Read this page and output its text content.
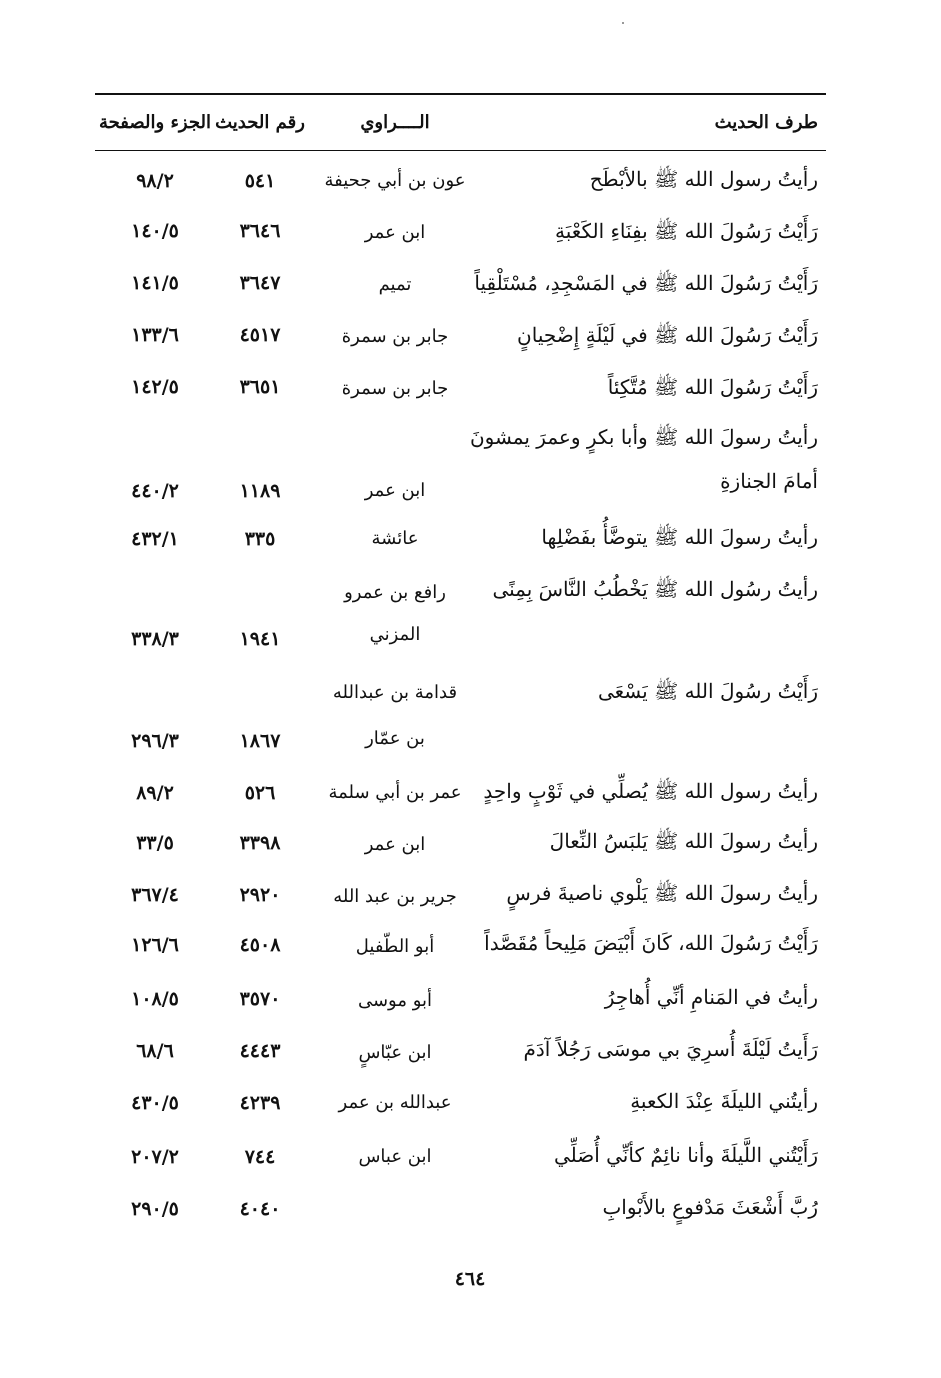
طرف الحديث
الــــراوي
رقم الحديث
الجزء والصفحة
رأيتُ رسول الله ﷺ بالأبْطَح
عون بن أبي جحيفة
٥٤١
٩٨/٢
رَأَيْتُ رَسُولَ الله ﷺ بفِنَاءِ الكَعْبَةِ
ابن عمر
٣٦٤٦
١٤٠/٥
رَأَيْتُ رَسُولَ الله ﷺ في المَسْجِدِ، مُسْتَلْقِياً
تميم
٣٦٤٧
١٤١/٥
رَأَيْتُ رَسُولَ الله ﷺ في لَيْلَةٍ إِضْحِيانٍ
جابر بن سمرة
٤٥١٧
١٣٣/٦
رَأَيْتُ رَسُولَ الله ﷺ مُتَّكِئاً
جابر بن سمرة
٣٦٥١
١٤٢/٥
رأيتُ رسولَ الله ﷺ وأبا بكرٍ وعمرَ يمشونَ
أمامَ الجنازةِ
ابن عمر
١١٨٩
٤٤٠/٢
رأيتُ رسولَ الله ﷺ يتوضَّأُ بفَضْلِها
عائشة
٣٣٥
٤٣٢/١
رأيتُ رسُول الله ﷺ يَخْطُبُ النَّاسَ بِمِنًى
رافع بن عمرو
المزني
١٩٤١
٣٣٨/٣
رَأَيْتُ رسُولَ الله ﷺ يَسْعَى
قدامة بن عبدالله
بن عمّار
١٨٦٧
٢٩٦/٣
رأيتُ رسول الله ﷺ يُصلِّي في ثَوْبٍ واحِدٍ
عمر بن أبي سلمة
٥٢٦
٨٩/٢
رأيتُ رسولَ الله ﷺ يَلبَسُ النِّعالَ
ابن عمر
٣٣٩٨
٣٣/٥
رأيتُ رسولَ الله ﷺ يَلْوي ناصيةَ فرسٍ
جرير بن عبد الله
٢٩٢٠
٣٦٧/٤
رَأَيْتُ رَسُولَ الله، كَانَ أَبْيَضَ مَلِيحاً مُقَصَّداً
أبو الطّفيل
٤٥٠٨
١٢٦/٦
رأيتُ في المَنامِ أنِّي أُهاجِرُ
أبو موسى
٣٥٧٠
١٠٨/٥
رَأَيتُ لَيْلَةَ أُسرِيَ بي موسَى رَجُلاً آدَمَ
ابن عبّاسٍ
٤٤٤٣
٦٨/٦
رأيتُني الليلَةَ عِنْدَ الكعبةِ
عبدالله بن عمر
٤٢٣٩
٤٣٠/٥
رَأَيْتُني اللَّيلَةَ وأنا نائِمٌ كأنِّي أُصَلِّي
ابن عباس
٧٤٤
٢٠٧/٢
رُبَّ أَشْعَثَ مَدْفوعٍ بالأَبْوابِ
٤٠٤٠
٢٩٠/٥
٤٦٤
